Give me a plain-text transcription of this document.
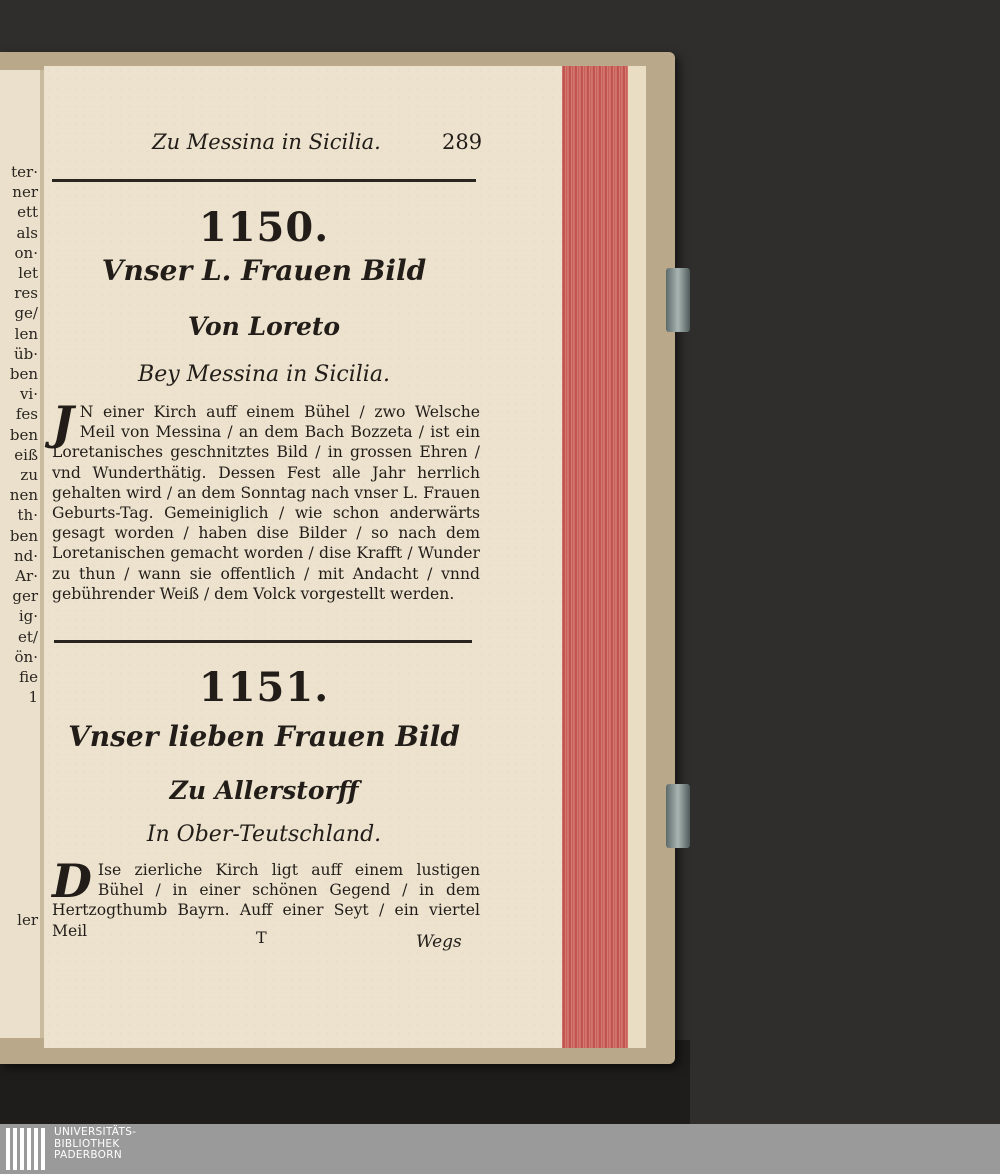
ter·
ner
ett
als
on·
let
res
ge/
len
üb·
ben
vi·
fes
ben
eiß
zu
nen
th·
ben
nd·
Ar·
ger
ig·
et/
ön·
fie
1

ler
Zu Messina in Sicilia.	289
1150.
Vnser L. Frauen Bild
Von Loreto
Bey Messina in Sicilia.

J N einer Kirch auff einem Bühel / zwo Welsche Meil von Messina / an dem Bach Bozzeta / ist ein Loretanisches geschnitztes Bild / in grossen Ehren / vnd Wunderthätig. Dessen Fest alle Jahr herrlich gehalten wird / an dem Sonntag nach vnser L. Frauen Geburts-Tag. Gemeiniglich / wie schon anderwärts gesagt worden / haben dise Bilder / so nach dem Loretanischen gemacht worden / dise Krafft / Wunder zu thun / wann sie offentlich / mit Andacht / vnnd gebührender Weiß / dem Volck vorgestellt werden.

1151.
Vnser lieben Frauen Bild
Zu Allerstorff
In Ober-Teutschland.

D Ise zierliche Kirch ligt auff einem lustigen Bühel / in einer schönen Gegend / in dem Hertzogthumb Bayrn. Auff einer Seyt / ein viertel Meil	T	Wegs
UNIVERSITÄTS-
BIBLIOTHEK
PADERBORN
